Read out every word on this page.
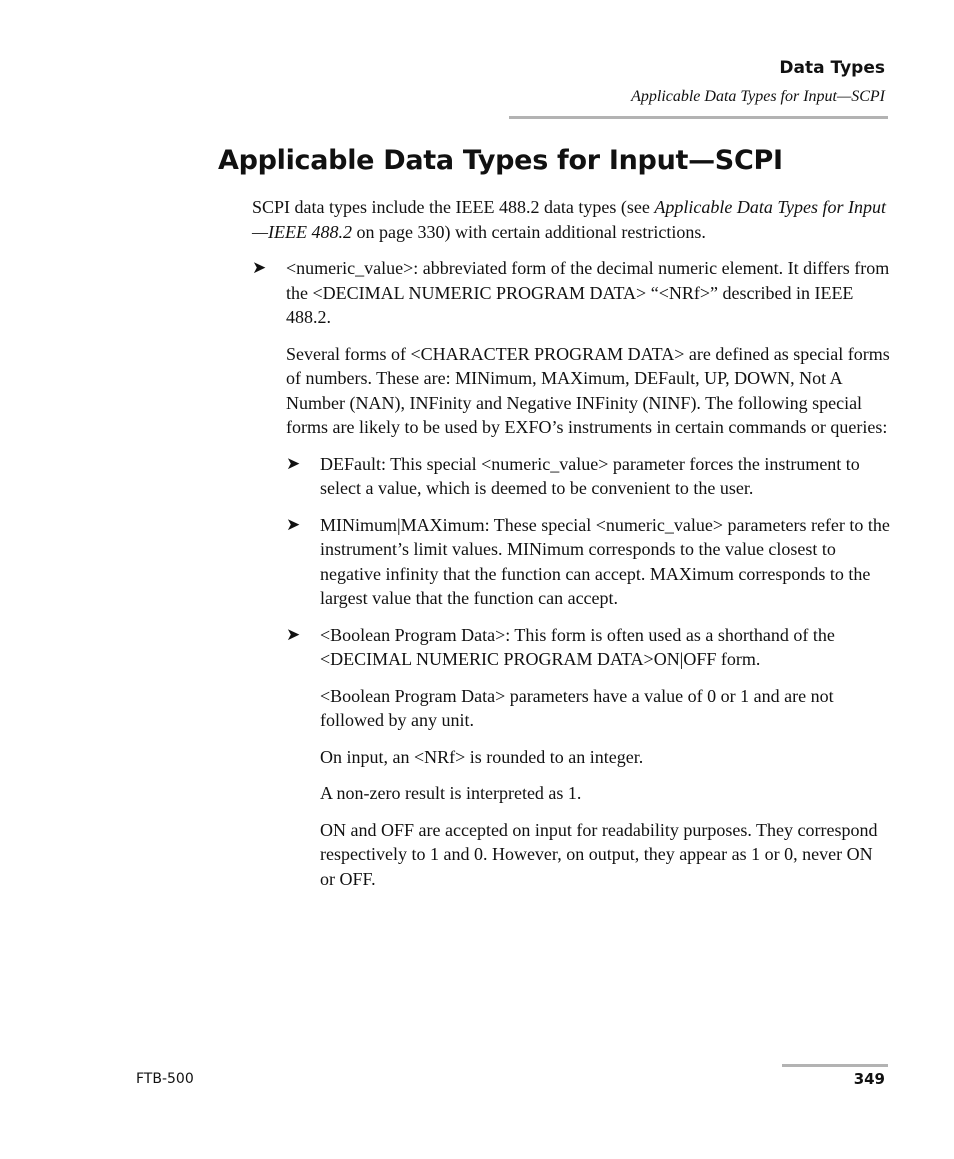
Data Types
Applicable Data Types for Input—SCPI
Applicable Data Types for Input—SCPI

SCPI data types include the IEEE 488.2 data types (see Applicable Data Types for Input—IEEE 488.2 on page 330) with certain additional restrictions.

➤ <numeric_value>: abbreviated form of the decimal numeric element. It differs from the <DECIMAL NUMERIC PROGRAM DATA> “<NRf>” described in IEEE 488.2.

Several forms of <CHARACTER PROGRAM DATA> are defined as special forms of numbers. These are: MINimum, MAXimum, DEFault, UP, DOWN, Not A Number (NAN), INFinity and Negative INFinity (NINF). The following special forms are likely to be used by EXFO’s instruments in certain commands or queries:

➤ DEFault: This special <numeric_value> parameter forces the instrument to select a value, which is deemed to be convenient to the user.

➤ MINimum|MAXimum: These special <numeric_value> parameters refer to the instrument’s limit values. MINimum corresponds to the value closest to negative infinity that the function can accept. MAXimum corresponds to the largest value that the function can accept.

➤ <Boolean Program Data>: This form is often used as a shorthand of the <DECIMAL NUMERIC PROGRAM DATA>ON|OFF form.

<Boolean Program Data> parameters have a value of 0 or 1 and are not followed by any unit.

On input, an <NRf> is rounded to an integer.

A non-zero result is interpreted as 1.

ON and OFF are accepted on input for readability purposes. They correspond respectively to 1 and 0. However, on output, they appear as 1 or 0, never ON or OFF.

FTB-500	349
